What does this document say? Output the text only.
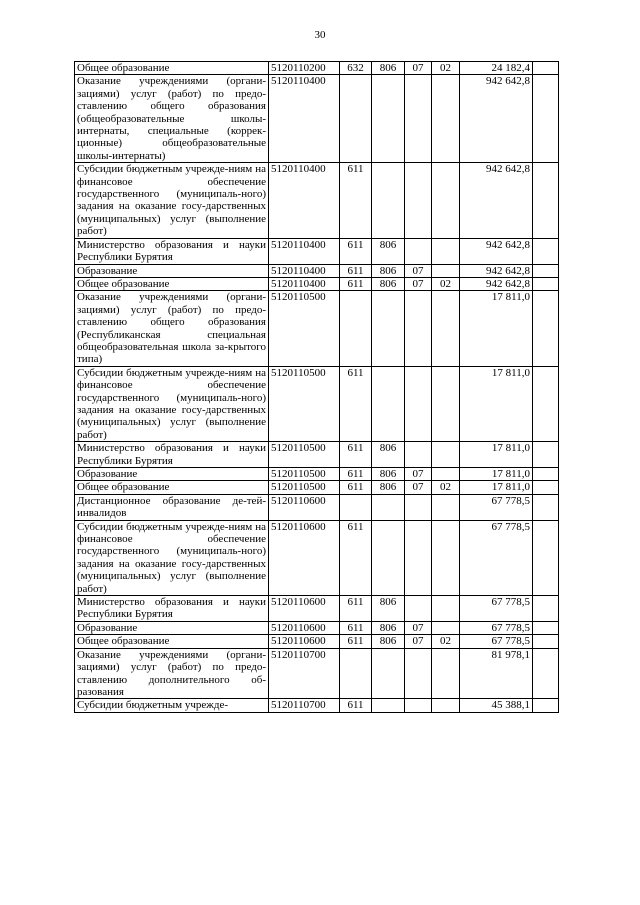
30
Общее образование	5120110200	632	806	07	02	24 182,4	
Оказание учреждениями (органи-зациями) услуг (работ) по предо-ставлению общего образования (общеобразовательные школы-интернаты, специальные (коррек-ционные) общеобразовательные школы-интернаты)	5120110400					942 642,8	
Субсидии бюджетным учрежде-ниям на финансовое обеспечение государственного (муниципаль-ного) задания на оказание госу-дарственных (муниципальных) услуг (выполнение работ)	5120110400	611				942 642,8	
Министерство образования и науки Республики Бурятия	5120110400	611	806			942 642,8	
Образование	5120110400	611	806	07		942 642,8	
Общее образование	5120110400	611	806	07	02	942 642,8	
Оказание учреждениями (органи-зациями) услуг (работ) по предо-ставлению общего образования (Республиканская специальная общеобразовательная школа за-крытого типа)	5120110500					17 811,0	
Субсидии бюджетным учрежде-ниям на финансовое обеспечение государственного (муниципаль-ного) задания на оказание госу-дарственных (муниципальных) услуг (выполнение работ)	5120110500	611				17 811,0	
Министерство образования и науки Республики Бурятия	5120110500	611	806			17 811,0	
Образование	5120110500	611	806	07		17 811,0	
Общее образование	5120110500	611	806	07	02	17 811,0	
Дистанционное образование де-тей-инвалидов	5120110600					67 778,5	
Субсидии бюджетным учрежде-ниям на финансовое обеспечение государственного (муниципаль-ного) задания на оказание госу-дарственных (муниципальных) услуг (выполнение работ)	5120110600	611				67 778,5	
Министерство образования и науки Республики Бурятия	5120110600	611	806			67 778,5	
Образование	5120110600	611	806	07		67 778,5	
Общее образование	5120110600	611	806	07	02	67 778,5	
Оказание учреждениями (органи-зациями) услуг (работ) по предо-ставлению дополнительного об-разования	5120110700					81 978,1	
Субсидии бюджетным учрежде-	5120110700	611				45 388,1	
